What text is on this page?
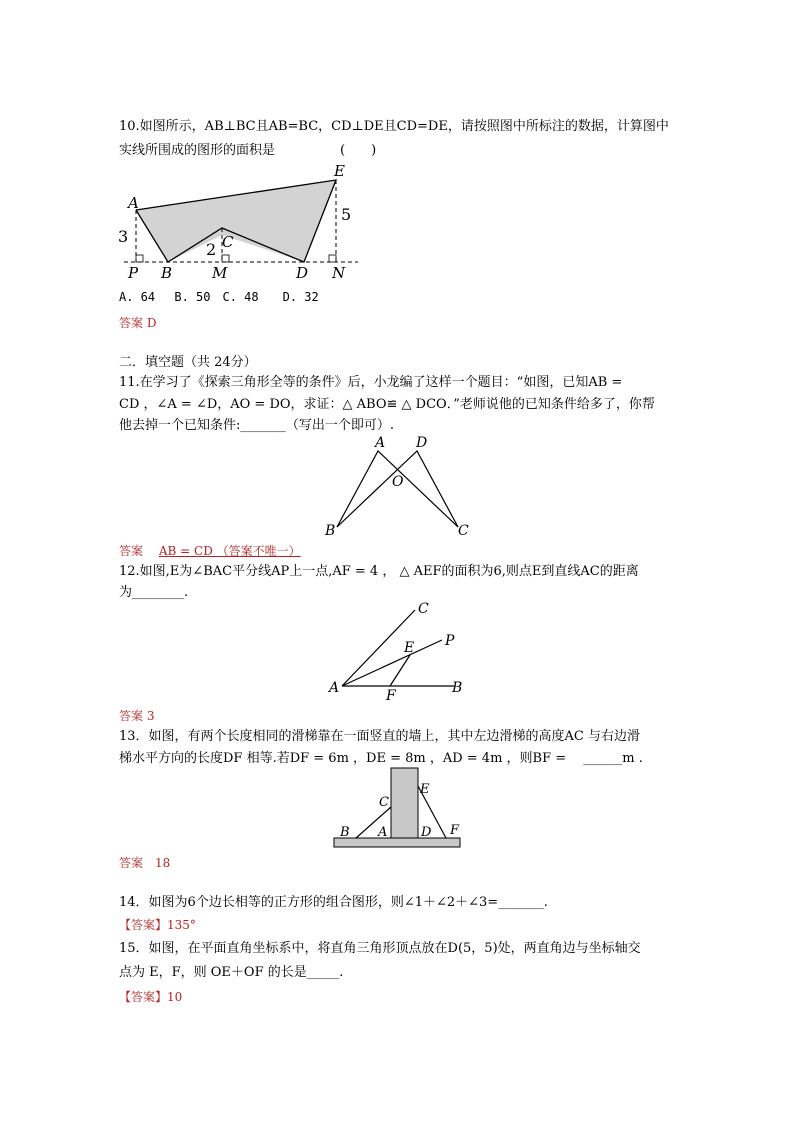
10.如图所示，AB⊥BC且AB=BC，CD⊥DE且CD=DE，请按照图中所标注的数据，计算图中
实线所围成的图形的面积是　　　　　(　　)
A
E
C
P B	M	D N
3
2
5
A. 64　 B. 50　C. 48　　D. 32
答案 D
二．填空题（共 24分）
11.在学习了《探索三角形全等的条件》后，小龙编了这样一个题目：“如图，已知AB =
CD ，∠A = ∠D，AO = DO，求证：△ ABO≌ △ DCO．”老师说他的已知条件给多了，你帮
他去掉一个已知条件:_______（写出一个即可）.
A D
O
B	C
答案 AB = CD （答案不唯一）
12.如图,E为∠BAC平分线AP上一点,AF = 4 ， △ AEF的面积为6,则点E到直线AC的距离
为________.
C
P
E
A	F	B
答案 3
13．如图，有两个长度相同的滑梯靠在一面竖直的墙上，其中左边滑梯的高度AC 与右边滑
梯水平方向的长度DF 相等.若DF = 6m ，DE = 8m ，AD = 4m ，则BF = 　______m .
C
E
B A	D F
答案　18
14．如图为6个边长相等的正方形的组合图形，则∠1＋∠2＋∠3=_______.
【答案】135°
15．如图，在平面直角坐标系中，将直角三角形顶点放在D(5，5)处，两直角边与坐标轴交
点为 E，F，则 OE＋OF 的长是_____.
【答案】10
